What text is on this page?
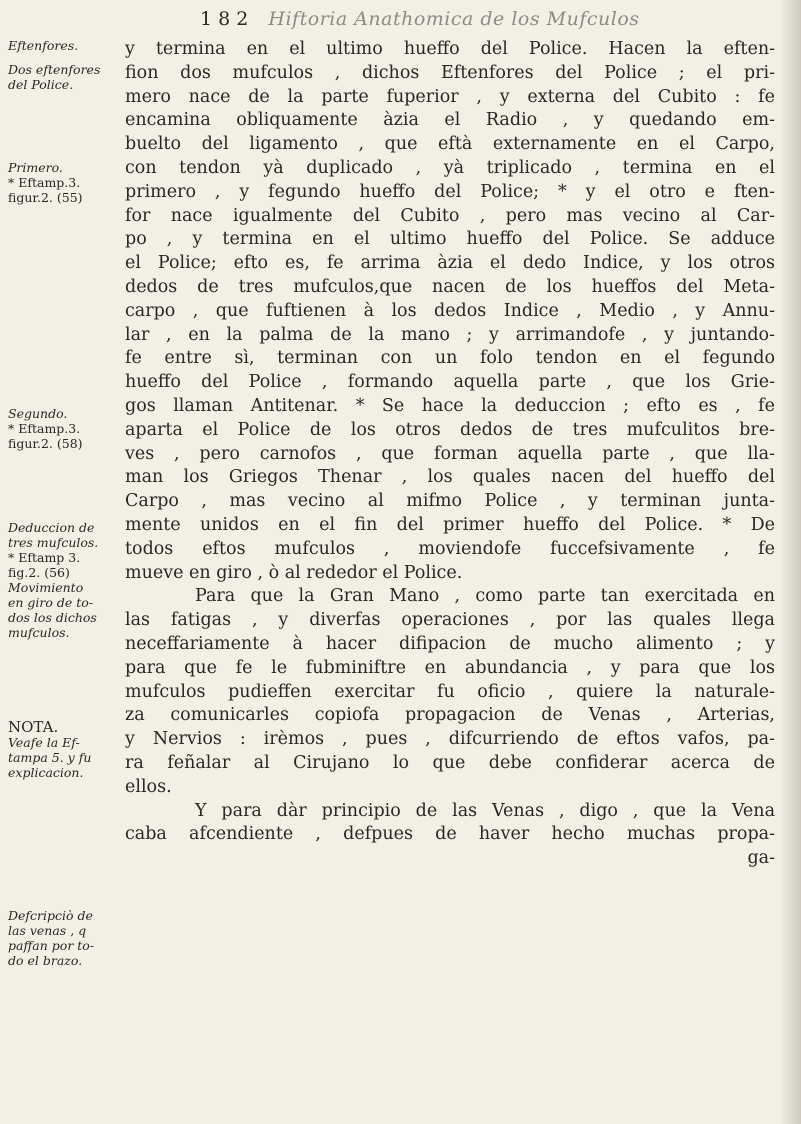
1 8 2 Hiftoria Anathomica de los Mufculos
Eftenfores.
Dos eftenfores
del Police.
Primero.
* Eftamp.3.
figur.2. (55)
Segundo.
* Eftamp.3.
figur.2. (58)
Deduccion de
tres mufculos.
* Eftamp 3.
fig.2. (56)
Movimiento
en giro de to-
dos los dichos
mufculos.
NOTA.
Veafe la Ef-
tampa 5. y fu
explicacion.
Defcripciò de
las venas , q
paffan por to-
do el brazo.
y termina en el ultimo hueffo del Police. Hacen la eften-
fion dos mufculos , dichos Eftenfores del Police ; el pri-
mero nace de la parte fuperior , y externa del Cubito : fe
encamina obliquamente àzia el Radio , y quedando em-
buelto del ligamento , que eftà externamente en el Carpo,
con tendon yà duplicado , yà triplicado , termina en el
primero , y fegundo hueffo del Police; * y el otro e ften-
for nace igualmente del Cubito , pero mas vecino al Car-
po , y termina en el ultimo hueffo del Police. Se adduce
el Police; efto es, fe arrima àzia el dedo Indice, y los otros
dedos de tres mufculos,que nacen de los hueffos del Meta-
carpo , que fuftienen à los dedos Indice , Medio , y Annu-
lar , en la palma de la mano ; y arrimandofe , y juntando-
fe entre sì, terminan con un folo tendon en el fegundo
hueffo del Police , formando aquella parte , que los Grie-
gos llaman Antitenar. * Se hace la deduccion ; efto es , fe
aparta el Police de los otros dedos de tres mufculitos bre-
ves , pero carnofos , que forman aquella parte , que lla-
man los Griegos Thenar , los quales nacen del hueffo del
Carpo , mas vecino al mifmo Police , y terminan junta-
mente unidos en el fin del primer hueffo del Police. * De
todos eftos mufculos , moviendofe fuccefsivamente , fe
mueve en giro , ò al rededor el Police.
Para que la Gran Mano , como parte tan exercitada en
las fatigas , y diverfas operaciones , por las quales llega
neceffariamente à hacer difipacion de mucho alimento ; y
para que fe le fubminiftre en abundancia , y para que los
mufculos pudieffen exercitar fu oficio , quiere la naturale-
za comunicarles copiofa propagacion de Venas , Arterias,
y Nervios : irèmos , pues , difcurriendo de eftos vafos, pa-
ra feñalar al Cirujano lo que debe confiderar acerca de
ellos.
Y para dàr principio de las Venas , digo , que la Vena
caba afcendiente , defpues de haver hecho muchas propa-
ga-
